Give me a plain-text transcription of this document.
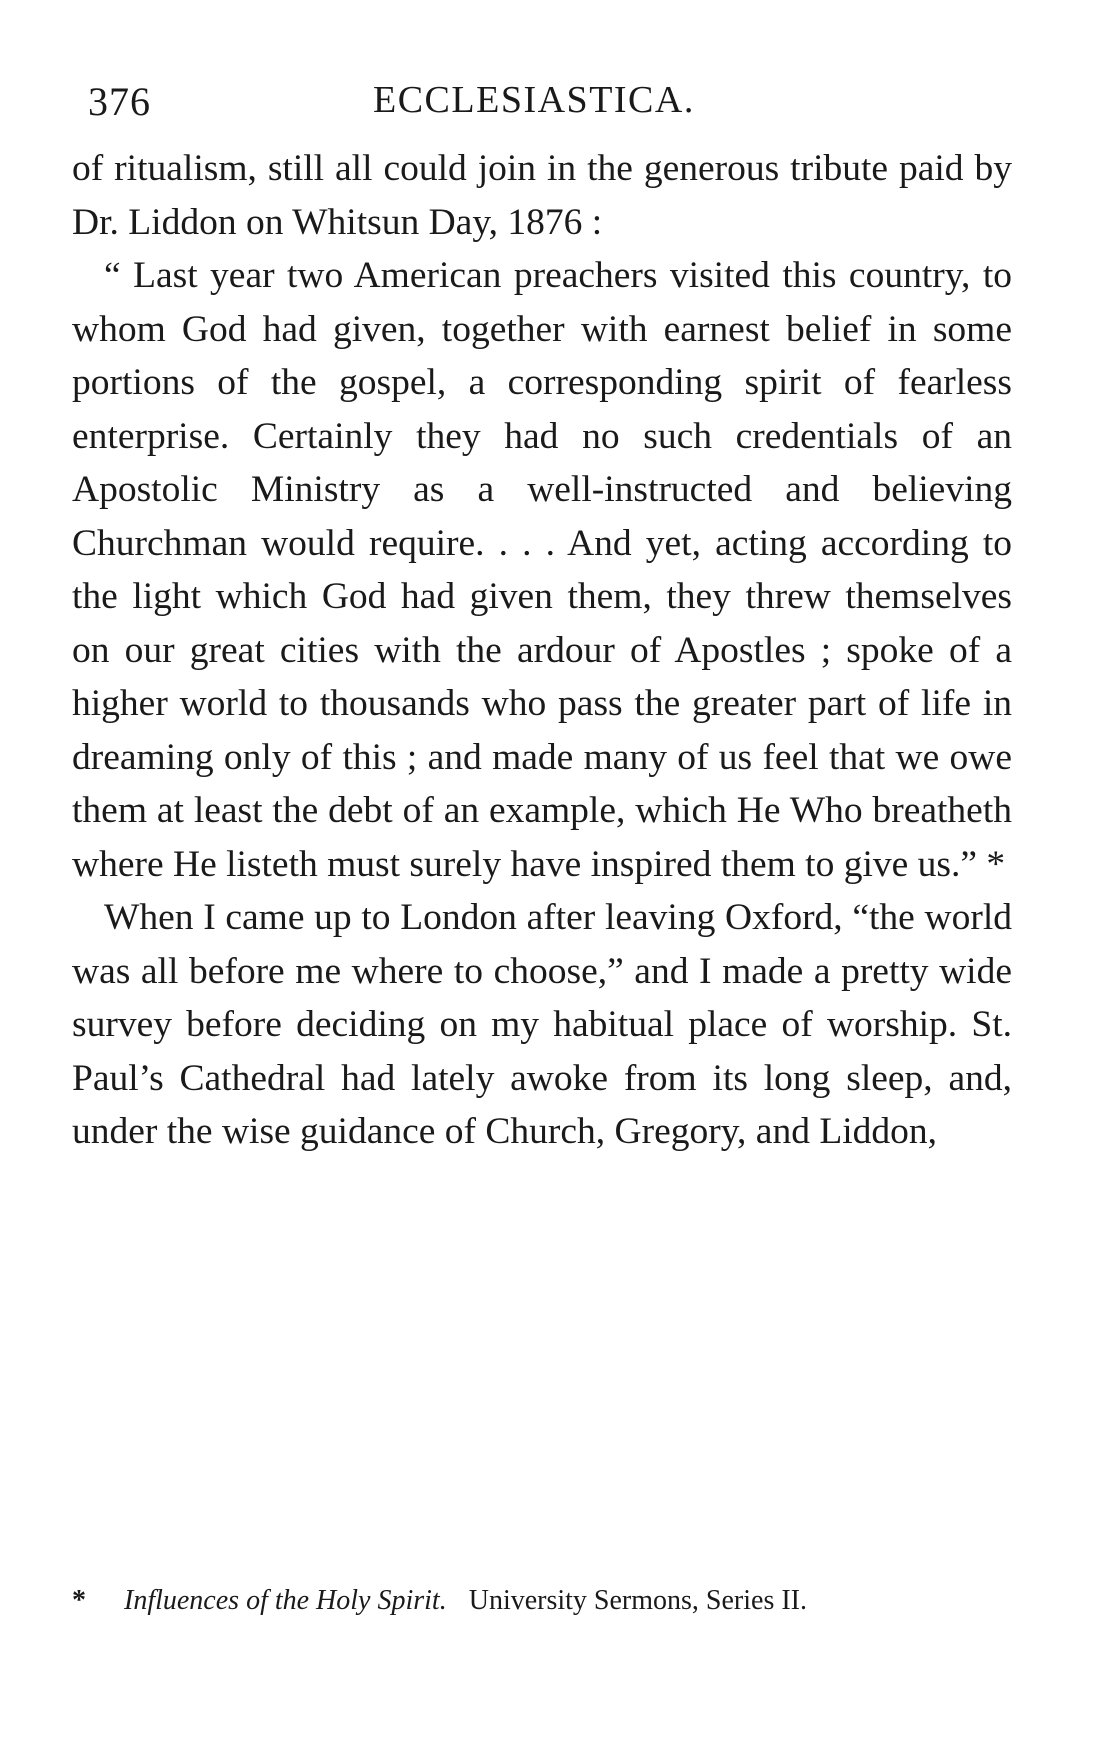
376	ECCLESIASTICA.

of ritualism, still all could join in the generous tribute paid by Dr. Liddon on Whitsun Day, 1876 :

“ Last year two American preachers visited this country, to whom God had given, together with earnest belief in some portions of the gospel, a corresponding spirit of fearless enterprise. Certainly they had no such credentials of an Apostolic Ministry as a well-instructed and believing Churchman would require. . . . And yet, acting according to the light which God had given them, they threw themselves on our great cities with the ardour of Apostles ; spoke of a higher world to thousands who pass the greater part of life in dreaming only of this ; and made many of us feel that we owe them at least the debt of an example, which He Who breatheth where He listeth must surely have inspired them to give us.” *

When I came up to London after leaving Oxford, “the world was all before me where to choose,” and I made a pretty wide survey before deciding on my habitual place of worship. St. Paul’s Cathedral had lately awoke from its long sleep, and, under the wise guidance of Church, Gregory, and Liddon,

* Influences of the Holy Spirit. University Sermons, Series II.
